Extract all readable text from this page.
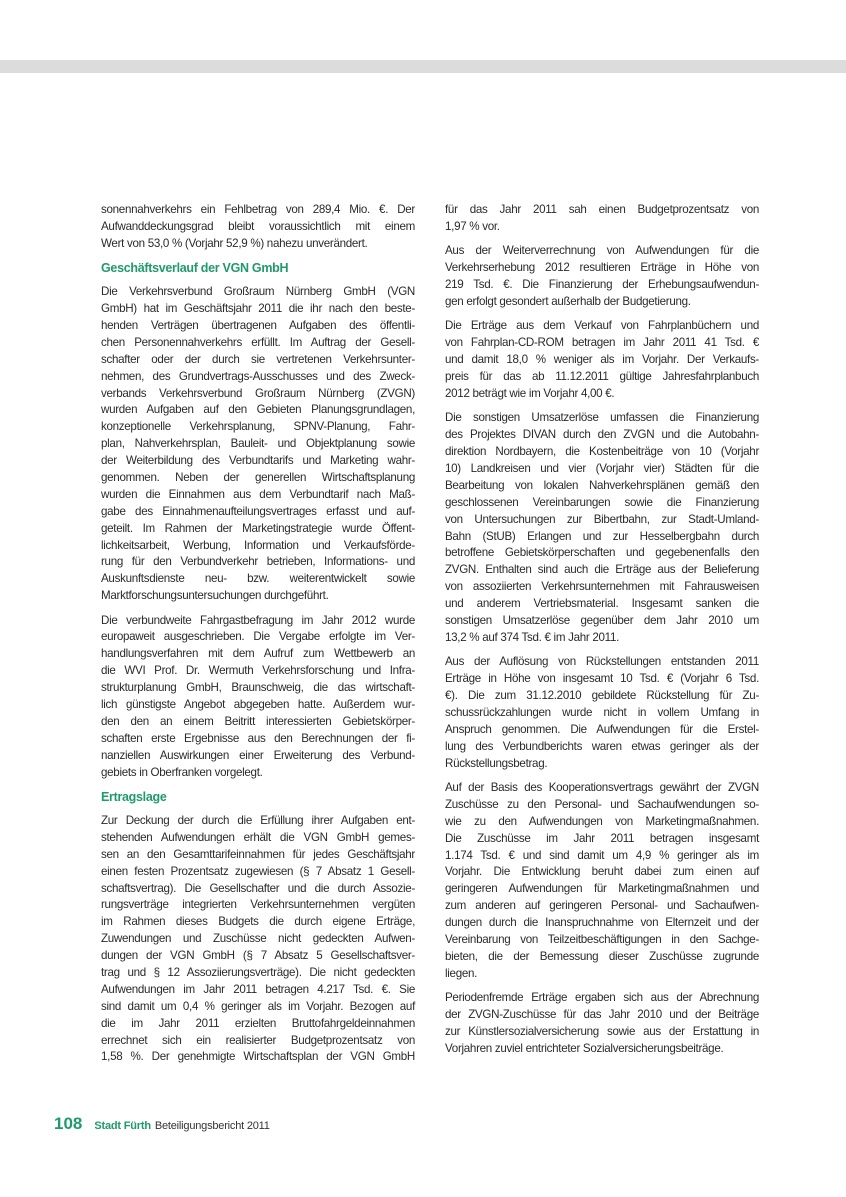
sonennahverkehrs ein Fehlbetrag von 289,4 Mio. €. Der
Aufwanddeckungsgrad bleibt voraussichtlich mit einem
Wert von 53,0 % (Vorjahr 52,9 %) nahezu unverändert.
Geschäftsverlauf der VGN GmbH
Die Verkehrsverbund Großraum Nürnberg GmbH (VGN
GmbH) hat im Geschäftsjahr 2011 die ihr nach den beste-
henden Verträgen übertragenen Aufgaben des öffentli-
chen Personennahverkehrs erfüllt. Im Auftrag der Gesell-
schafter oder der durch sie vertretenen Verkehrsunter-
nehmen, des Grundvertrags-Ausschusses und des Zweck-
verbands Verkehrsverbund Großraum Nürnberg (ZVGN)
wurden Aufgaben auf den Gebieten Planungsgrundlagen,
konzeptionelle Verkehrsplanung, SPNV-Planung, Fahr-
plan, Nahverkehrsplan, Bauleit- und Objektplanung sowie
der Weiterbildung des Verbundtarifs und Marketing wahr-
genommen. Neben der generellen Wirtschaftsplanung
wurden die Einnahmen aus dem Verbundtarif nach Maß-
gabe des Einnahmenaufteilungsvertrages erfasst und auf-
geteilt. Im Rahmen der Marketingstrategie wurde Öffent-
lichkeitsarbeit, Werbung, Information und Verkaufsförde-
rung für den Verbundverkehr betrieben, Informations- und
Auskunftsdienste neu- bzw. weiterentwickelt sowie
Marktforschungsuntersuchungen durchgeführt.
Die verbundweite Fahrgastbefragung im Jahr 2012 wurde
europaweit ausgeschrieben. Die Vergabe erfolgte im Ver-
handlungsverfahren mit dem Aufruf zum Wettbewerb an
die WVI Prof. Dr. Wermuth Verkehrsforschung und Infra-
strukturplanung GmbH, Braunschweig, die das wirtschaft-
lich günstigste Angebot abgegeben hatte. Außerdem wur-
den den an einem Beitritt interessierten Gebietskörper-
schaften erste Ergebnisse aus den Berechnungen der fi-
nanziellen Auswirkungen einer Erweiterung des Verbund-
gebiets in Oberfranken vorgelegt.
Ertragslage
Zur Deckung der durch die Erfüllung ihrer Aufgaben ent-
stehenden Aufwendungen erhält die VGN GmbH gemes-
sen an den Gesamttarifeinnahmen für jedes Geschäftsjahr
einen festen Prozentsatz zugewiesen (§ 7 Absatz 1 Gesell-
schaftsvertrag). Die Gesellschafter und die durch Assozie-
rungsverträge integrierten Verkehrsunternehmen vergüten
im Rahmen dieses Budgets die durch eigene Erträge,
Zuwendungen und Zuschüsse nicht gedeckten Aufwen-
dungen der VGN GmbH (§ 7 Absatz 5 Gesellschaftsver-
trag und § 12 Assoziierungsverträge). Die nicht gedeckten
Aufwendungen im Jahr 2011 betragen 4.217 Tsd. €. Sie
sind damit um 0,4 % geringer als im Vorjahr. Bezogen auf
die im Jahr 2011 erzielten Bruttofahrgeldeinnahmen
errechnet sich ein realisierter Budgetprozentsatz von
1,58 %. Der genehmigte Wirtschaftsplan der VGN GmbH
für das Jahr 2011 sah einen Budgetprozentsatz von
1,97 % vor.
Aus der Weiterverrechnung von Aufwendungen für die
Verkehrserhebung 2012 resultieren Erträge in Höhe von
219 Tsd. €. Die Finanzierung der Erhebungsaufwendun-
gen erfolgt gesondert außerhalb der Budgetierung.
Die Erträge aus dem Verkauf von Fahrplanbüchern und
von Fahrplan-CD-ROM betragen im Jahr 2011 41 Tsd. €
und damit 18,0 % weniger als im Vorjahr. Der Verkaufs-
preis für das ab 11.12.2011 gültige Jahresfahrplanbuch
2012 beträgt wie im Vorjahr 4,00 €.
Die sonstigen Umsatzerlöse umfassen die Finanzierung
des Projektes DIVAN durch den ZVGN und die Autobahn-
direktion Nordbayern, die Kostenbeiträge von 10 (Vorjahr
10) Landkreisen und vier (Vorjahr vier) Städten für die
Bearbeitung von lokalen Nahverkehrsplänen gemäß den
geschlossenen Vereinbarungen sowie die Finanzierung
von Untersuchungen zur Bibertbahn, zur Stadt-Umland-
Bahn (StUB) Erlangen und zur Hesselbergbahn durch
betroffene Gebietskörperschaften und gegebenenfalls den
ZVGN. Enthalten sind auch die Erträge aus der Belieferung
von assoziierten Verkehrsunternehmen mit Fahrausweisen
und anderem Vertriebsmaterial. Insgesamt sanken die
sonstigen Umsatzerlöse gegenüber dem Jahr 2010 um
13,2 % auf 374 Tsd. € im Jahr 2011.
Aus der Auflösung von Rückstellungen entstanden 2011
Erträge in Höhe von insgesamt 10 Tsd. € (Vorjahr 6 Tsd.
€). Die zum 31.12.2010 gebildete Rückstellung für Zu-
schussrückzahlungen wurde nicht in vollem Umfang in
Anspruch genommen. Die Aufwendungen für die Erstel-
lung des Verbundberichts waren etwas geringer als der
Rückstellungsbetrag.
Auf der Basis des Kooperationsvertrags gewährt der ZVGN
Zuschüsse zu den Personal- und Sachaufwendungen so-
wie zu den Aufwendungen von Marketingmaßnahmen.
Die Zuschüsse im Jahr 2011 betragen insgesamt
1.174 Tsd. € und sind damit um 4,9 % geringer als im
Vorjahr. Die Entwicklung beruht dabei zum einen auf
geringeren Aufwendungen für Marketingmaßnahmen und
zum anderen auf geringeren Personal- und Sachaufwen-
dungen durch die Inanspruchnahme von Elternzeit und der
Vereinbarung von Teilzeitbeschäftigungen in den Sachge-
bieten, die der Bemessung dieser Zuschüsse zugrunde
liegen.
Periodenfremde Erträge ergaben sich aus der Abrechnung
der ZVGN-Zuschüsse für das Jahr 2010 und der Beiträge
zur Künstlersozialversicherung sowie aus der Erstattung in
Vorjahren zuviel entrichteter Sozialversicherungsbeiträge.
108 Stadt Fürth Beteiligungsbericht 2011
